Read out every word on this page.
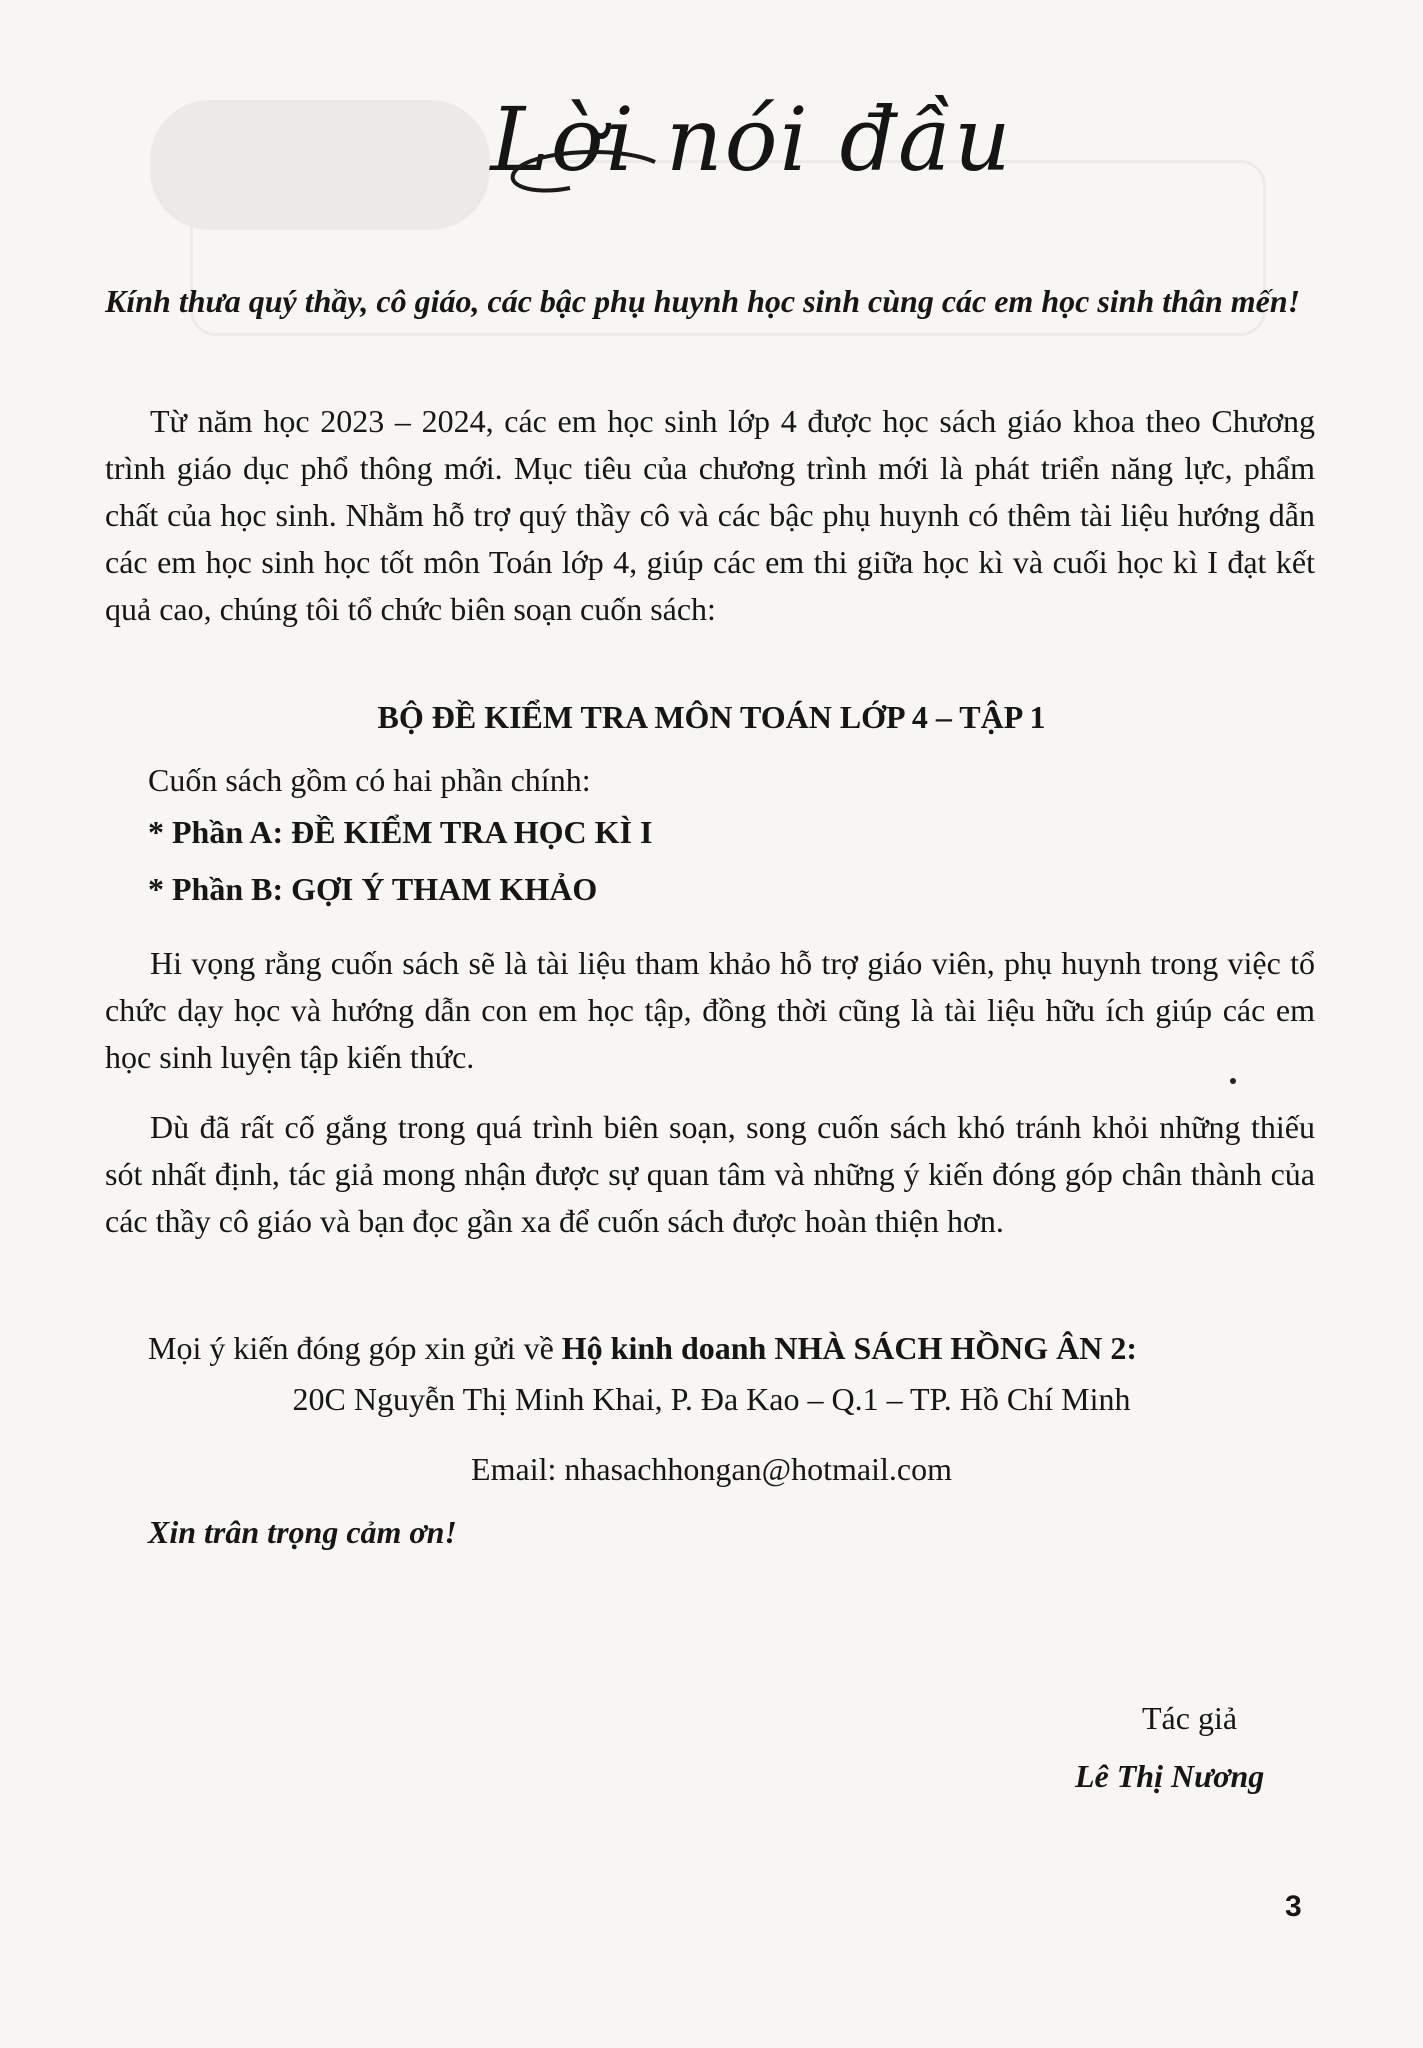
Lời nói đầu

Kính thưa quý thầy, cô giáo, các bậc phụ huynh học sinh cùng các em học sinh thân mến!

Từ năm học 2023 – 2024, các em học sinh lớp 4 được học sách giáo khoa theo Chương trình giáo dục phổ thông mới. Mục tiêu của chương trình mới là phát triển năng lực, phẩm chất của học sinh. Nhằm hỗ trợ quý thầy cô và các bậc phụ huynh có thêm tài liệu hướng dẫn các em học sinh học tốt môn Toán lớp 4, giúp các em thi giữa học kì và cuối học kì I đạt kết quả cao, chúng tôi tổ chức biên soạn cuốn sách:

BỘ ĐỀ KIỂM TRA MÔN TOÁN LỚP 4 – TẬP 1

Cuốn sách gồm có hai phần chính:

* Phần A: ĐỀ KIỂM TRA HỌC KÌ I

* Phần B: GỢI Ý THAM KHẢO

Hi vọng rằng cuốn sách sẽ là tài liệu tham khảo hỗ trợ giáo viên, phụ huynh trong việc tổ chức dạy học và hướng dẫn con em học tập, đồng thời cũng là tài liệu hữu ích giúp các em học sinh luyện tập kiến thức.

Dù đã rất cố gắng trong quá trình biên soạn, song cuốn sách khó tránh khỏi những thiếu sót nhất định, tác giả mong nhận được sự quan tâm và những ý kiến đóng góp chân thành của các thầy cô giáo và bạn đọc gần xa để cuốn sách được hoàn thiện hơn.

Mọi ý kiến đóng góp xin gửi về Hộ kinh doanh NHÀ SÁCH HỒNG ÂN 2:

20C Nguyễn Thị Minh Khai, P. Đa Kao – Q.1 – TP. Hồ Chí Minh

Email: nhasachhongan@hotmail.com

Xin trân trọng cảm ơn!

Tác giả

Lê Thị Nương

3
